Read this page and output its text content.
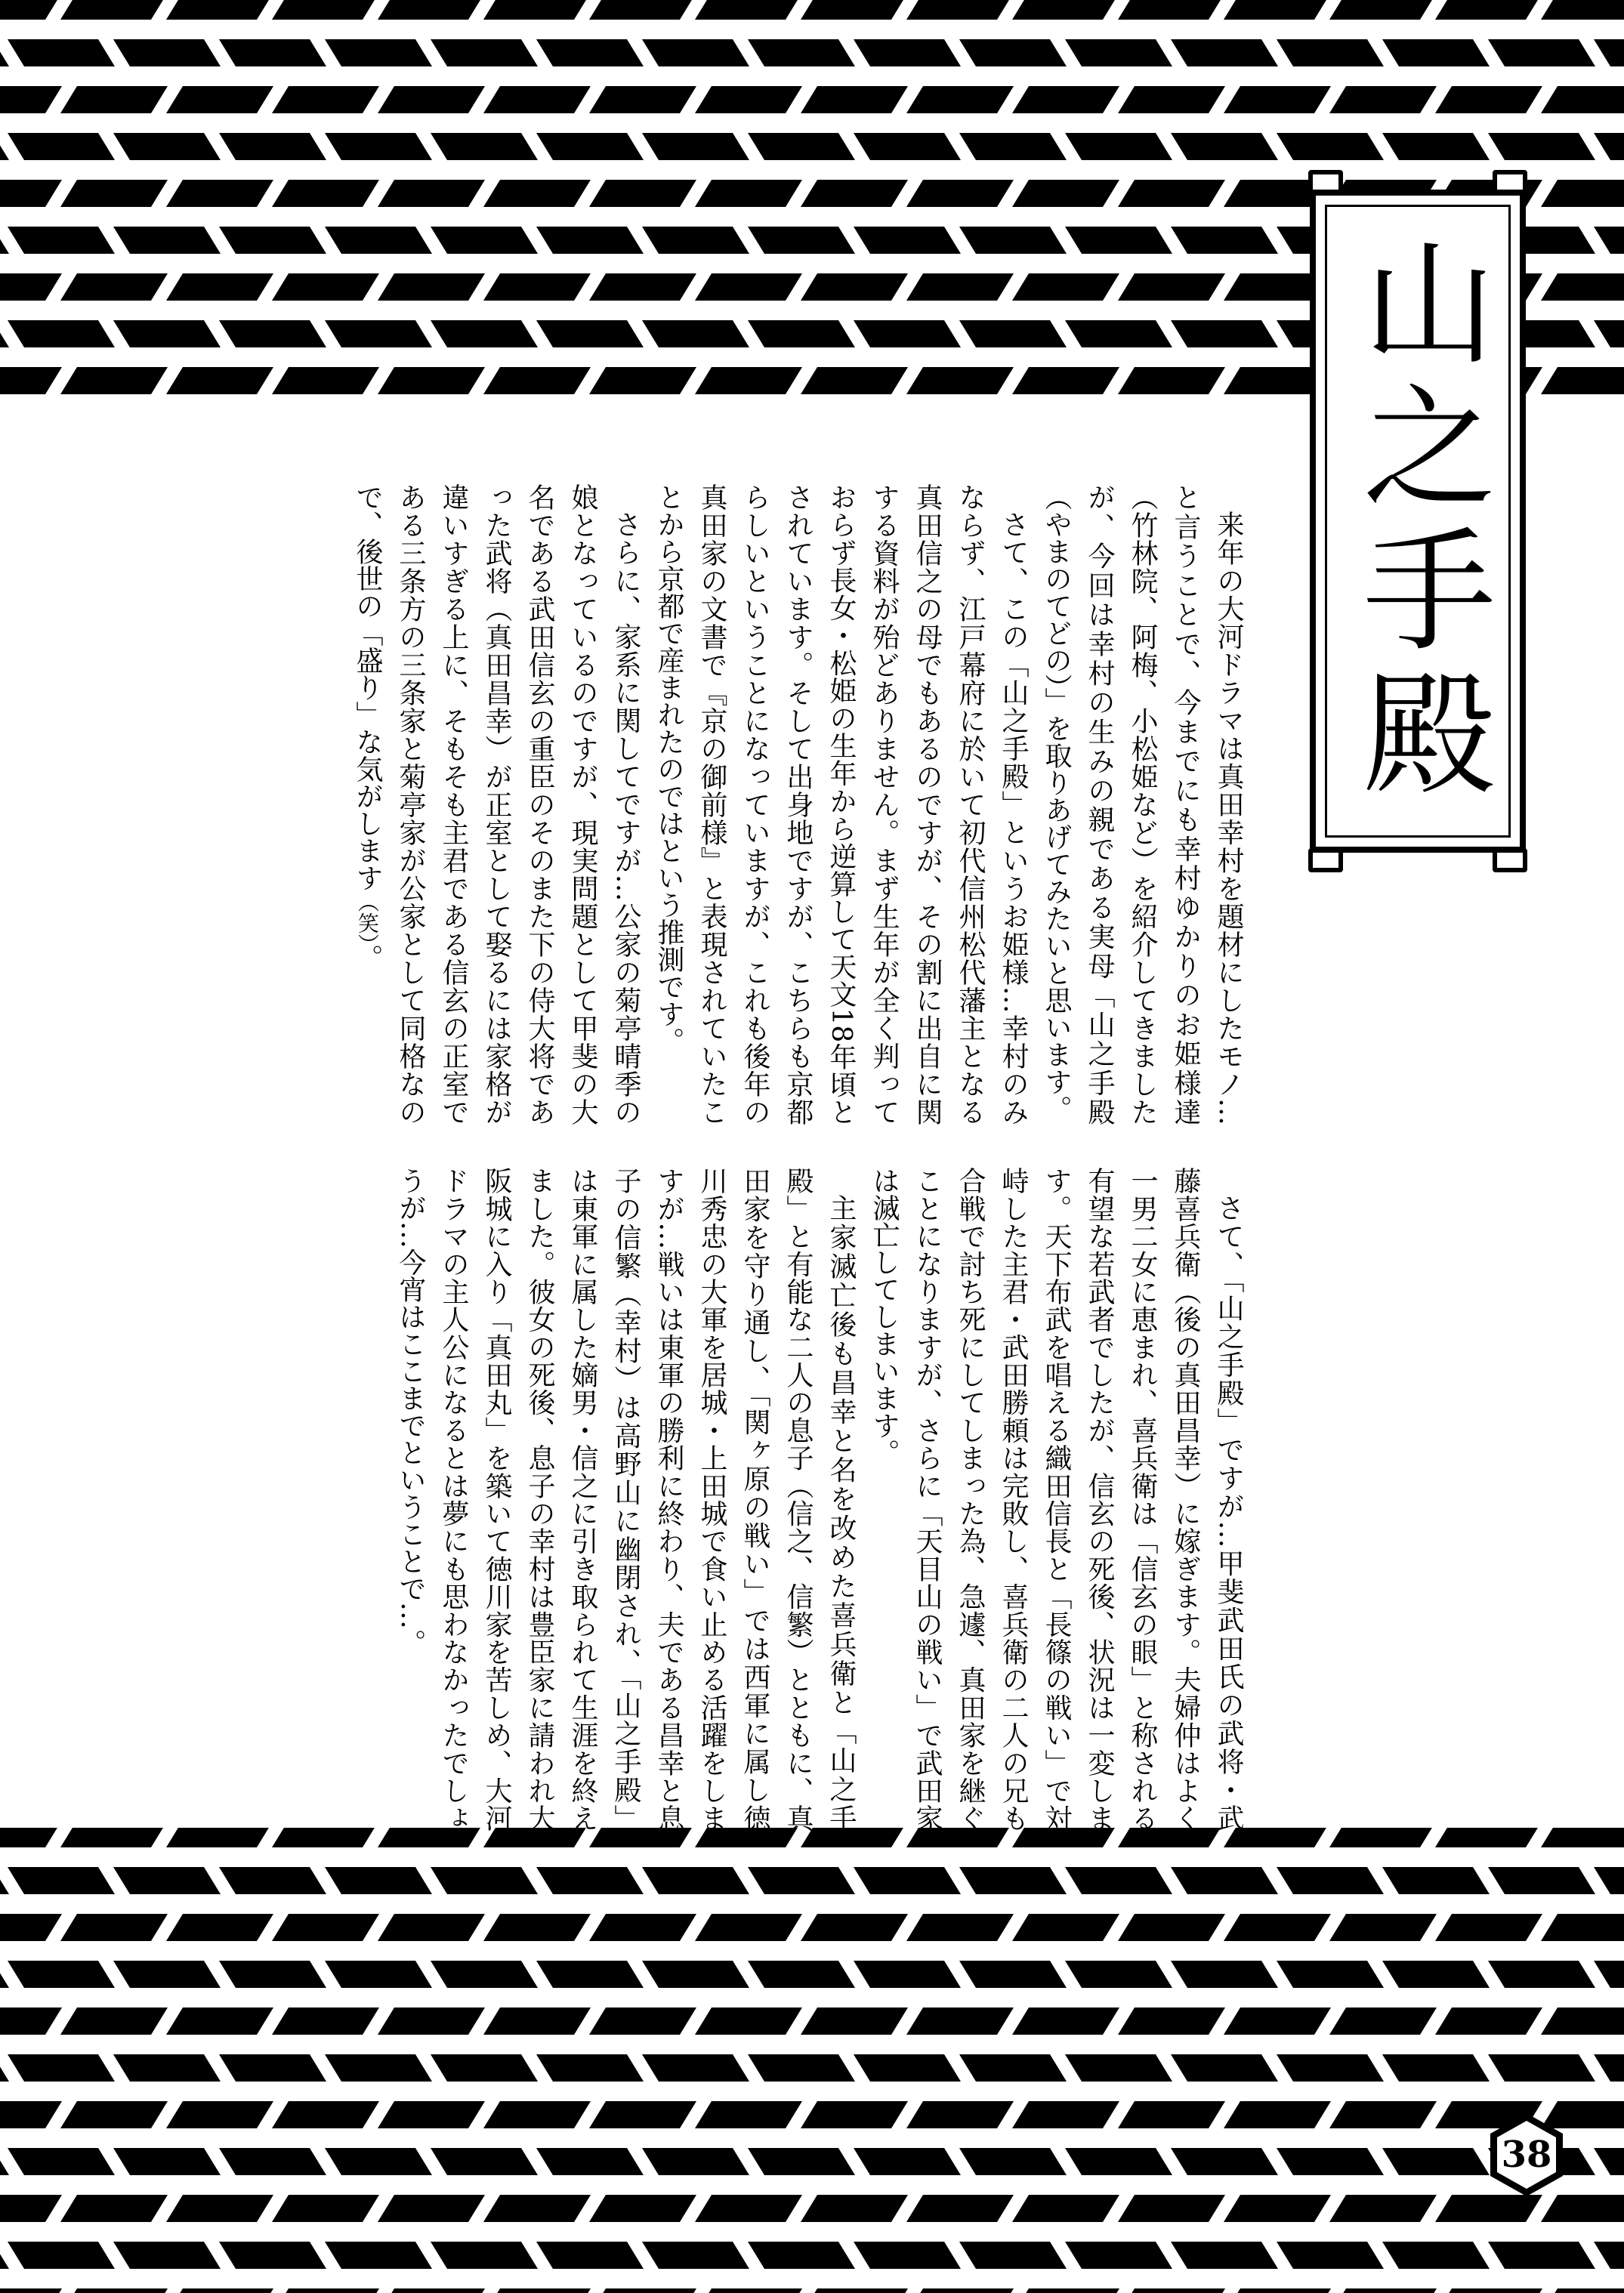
山之手殿

来年の大河ドラマは真田幸村を題材にしたモノ…と言うことで、今までにも幸村ゆかりのお姫様達（竹林院、阿梅、小松姫など）を紹介してきましたが、今回は幸村の生みの親である実母「山之手殿（やまのてどの）」を取りあげてみたいと思います。

さて、この「山之手殿」というお姫様…幸村のみならず、江戸幕府に於いて初代信州松代藩主となる真田信之の母でもあるのですが、その割に出自に関する資料が殆どありません。まず生年が全く判っておらず長女・松姫の生年から逆算して天文18年頃とされています。そして出身地ですが、こちらも京都らしいということになっていますが、これも後年の真田家の文書で『京の御前様』と表現されていたことから京都で産まれたのではという推測です。

さらに、家系に関してですが…公家の菊亭晴季の娘となっているのですが、現実問題として甲斐の大名である武田信玄の重臣のそのまた下の侍大将であった武将（真田昌幸）が正室として娶るには家格が違いすぎる上に、そもそも主君である信玄の正室である三条方の三条家と菊亭家が公家として同格なので、後世の「盛り」な気がします（笑）。

さて、「山之手殿」ですが…甲斐武田氏の武将・武藤喜兵衛（後の真田昌幸）に嫁ぎます。夫婦仲はよく一男二女に恵まれ、喜兵衛は「信玄の眼」と称される有望な若武者でしたが、信玄の死後、状況は一変します。天下布武を唱える織田信長と「長篠の戦い」で対峙した主君・武田勝頼は完敗し、喜兵衛の二人の兄も合戦で討ち死にしてしまった為、急遽、真田家を継ぐことになりますが、さらに「天目山の戦い」で武田家は滅亡してしまいます。

主家滅亡後も昌幸と名を改めた喜兵衛と「山之手殿」と有能な二人の息子（信之、信繁）とともに、真田家を守り通し、「関ヶ原の戦い」では西軍に属し徳川秀忠の大軍を居城・上田城で食い止める活躍をしますが…戦いは東軍の勝利に終わり、夫である昌幸と息子の信繁（幸村）は高野山に幽閉され、「山之手殿」は東軍に属した嫡男・信之に引き取られて生涯を終えました。彼女の死後、息子の幸村は豊臣家に請われ大阪城に入り「真田丸」を築いて徳川家を苦しめ、大河ドラマの主人公になるとは夢にも思わなかったでしょうが…今宵はここまでということで…。

38
